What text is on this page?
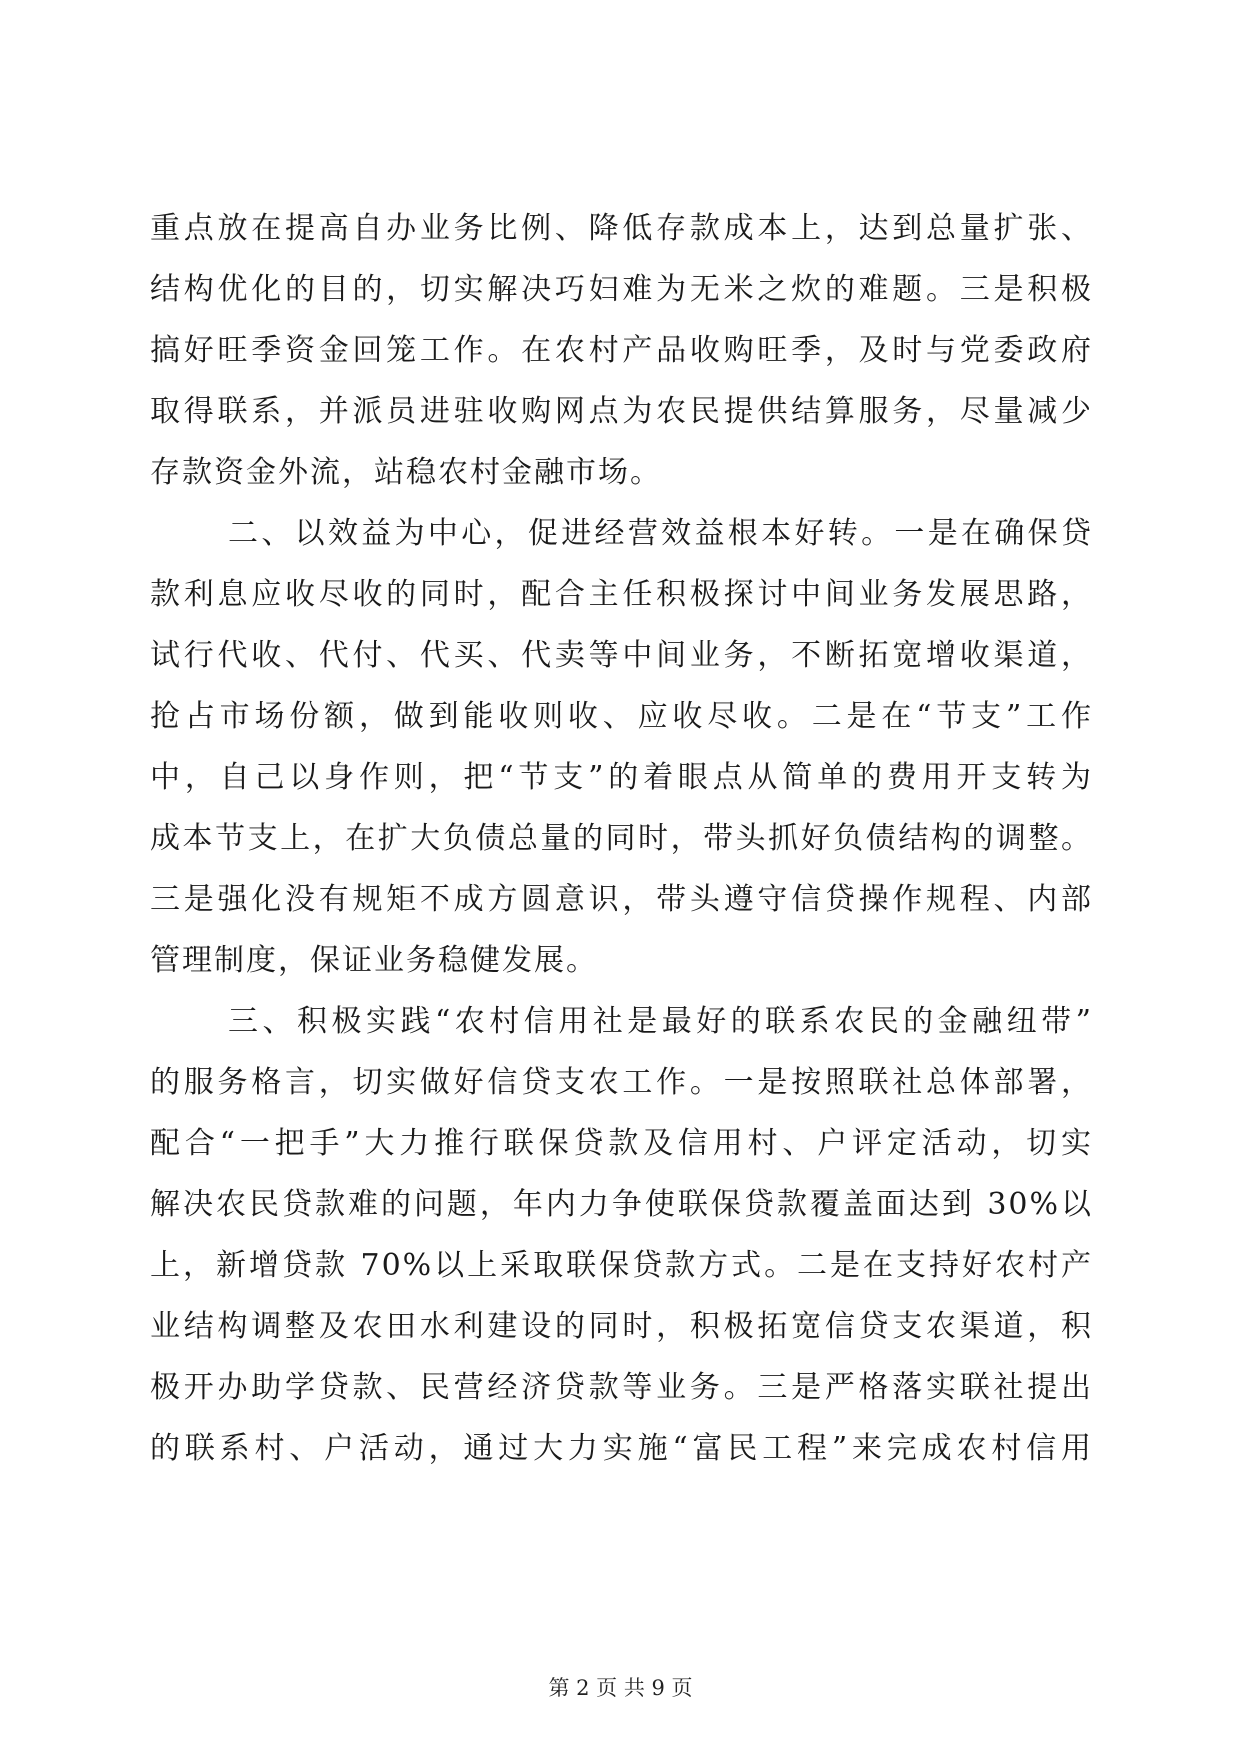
重点放在提高自办业务比例、降低存款成本上，达到总量扩张、
结构优化的目的，切实解决巧妇难为无米之炊的难题。三是积极
搞好旺季资金回笼工作。在农村产品收购旺季，及时与党委政府
取得联系，并派员进驻收购网点为农民提供结算服务，尽量减少
存款资金外流，站稳农村金融市场。
二、以效益为中心，促进经营效益根本好转。一是在确保贷
款利息应收尽收的同时，配合主任积极探讨中间业务发展思路，
试行代收、代付、代买、代卖等中间业务，不断拓宽增收渠道，
抢占市场份额，做到能收则收、应收尽收。二是在“节支”工作
中，自己以身作则，把“节支”的着眼点从简单的费用开支转为
成本节支上，在扩大负债总量的同时，带头抓好负债结构的调整。
三是强化没有规矩不成方圆意识，带头遵守信贷操作规程、内部
管理制度，保证业务稳健发展。
三、积极实践“农村信用社是最好的联系农民的金融纽带”
的服务格言，切实做好信贷支农工作。一是按照联社总体部署，
配合“一把手”大力推行联保贷款及信用村、户评定活动，切实
解决农民贷款难的问题，年内力争使联保贷款覆盖面达到 30%以
上，新增贷款 70%以上采取联保贷款方式。二是在支持好农村产
业结构调整及农田水利建设的同时，积极拓宽信贷支农渠道，积
极开办助学贷款、民营经济贷款等业务。三是严格落实联社提出
的联系村、户活动，通过大力实施“富民工程”来完成农村信用
第 2 页 共 9 页
